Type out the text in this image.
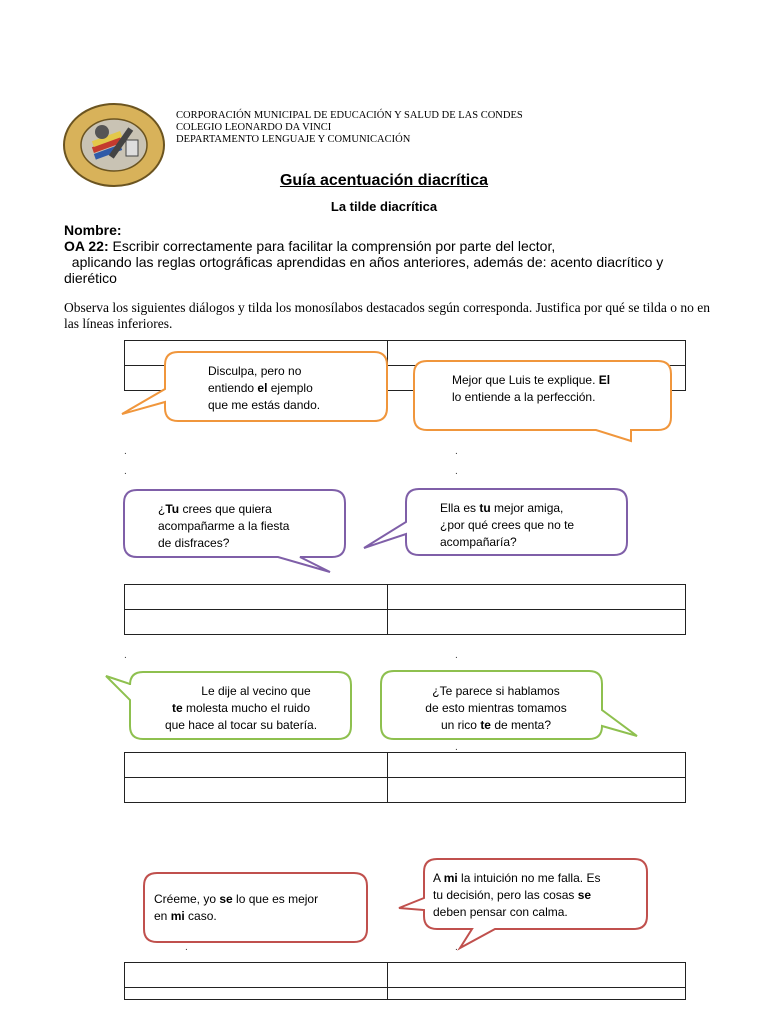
CORPORACIÓN MUNICIPAL DE EDUCACIÓN Y SALUD DE LAS CONDES
COLEGIO LEONARDO DA VINCI
DEPARTAMENTO LENGUAJE Y COMUNICACIÓN
Guía acentuación diacrítica
La tilde diacrítica
Nombre:
OA 22: Escribir correctamente para facilitar la comprensión por parte del lector,
aplicando las reglas ortográficas aprendidas en años anteriores, además de: acento diacrítico y
dierético
Observa los siguientes diálogos y tilda los monosílabos destacados según corresponda. Justifica por qué se tilda o no en las líneas inferiores.

.	.
.	.
.	.
.
.	.
Disculpa, pero no
entiendo el ejemplo
que me estás dando.
Mejor que Luis te explique. El
lo entiende a la perfección.
¿Tu crees que quiera
acompañarme a la fiesta
de disfraces?
Ella es tu mejor amiga,
¿por qué crees que no te
acompañaría?
Le dije al vecino que
te molesta mucho el ruido
que hace al tocar su batería.
¿Te parece si hablamos
de esto mientras tomamos
un rico te de menta?
Créeme, yo se lo que es mejor
en mi caso.
A mi la intuición no me falla. Es
tu decisión, pero las cosas se
deben pensar con calma.
